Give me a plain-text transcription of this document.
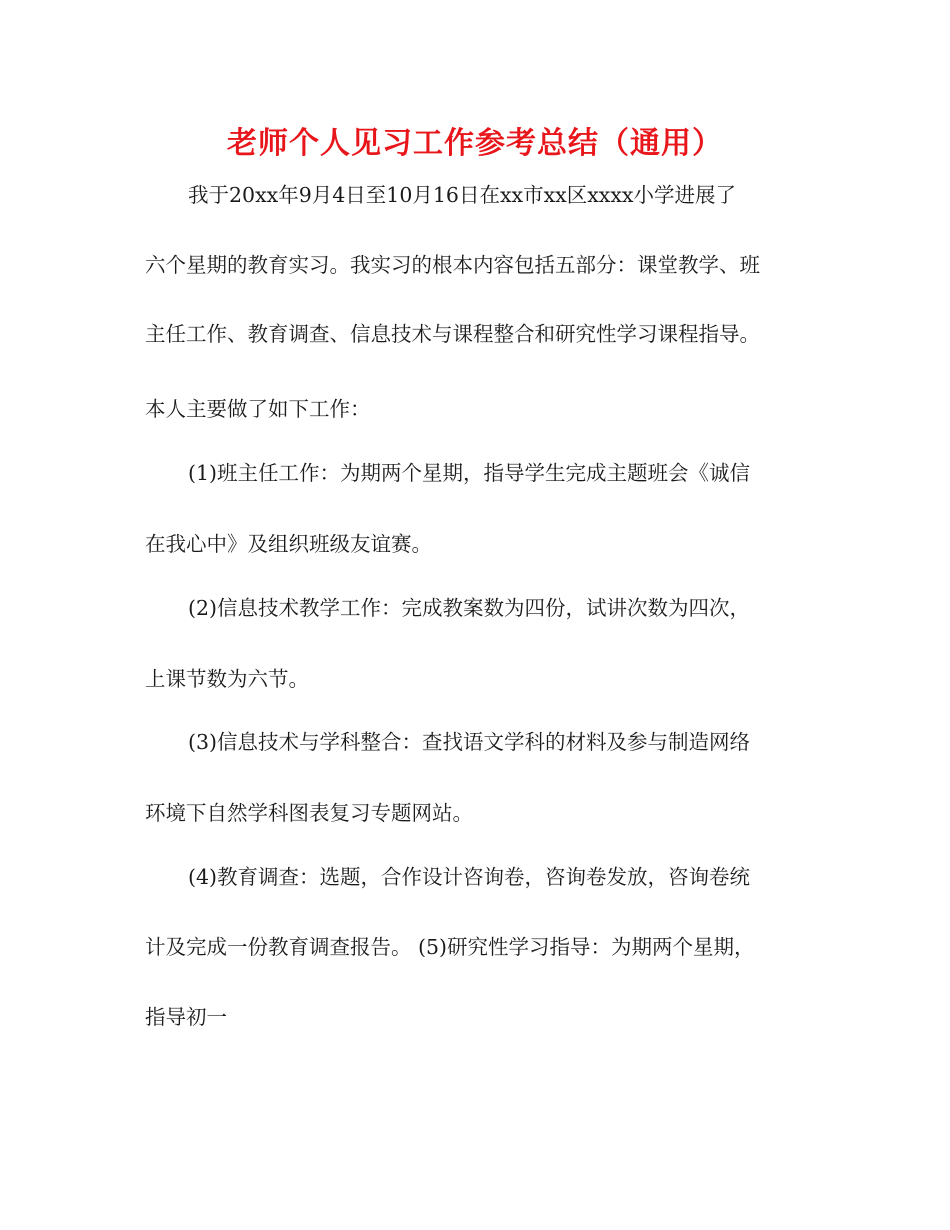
老师个人见习工作参考总结（通用）
我于20xx年9月4日至10月16日在xx市xx区xxxx小学进展了
六个星期的教育实习。我实习的根本内容包括五部分：课堂教学、班
主任工作、教育调查、信息技术与课程整合和研究性学习课程指导。
本人主要做了如下工作：
(1)班主任工作：为期两个星期，指导学生完成主题班会《诚信
在我心中》及组织班级友谊赛。
(2)信息技术教学工作：完成教案数为四份，试讲次数为四次，
上课节数为六节。
(3)信息技术与学科整合：查找语文学科的材料及参与制造网络
环境下自然学科图表复习专题网站。
(4)教育调查：选题，合作设计咨询卷，咨询卷发放，咨询卷统
计及完成一份教育调查报告。 (5)研究性学习指导：为期两个星期，
指导初一
